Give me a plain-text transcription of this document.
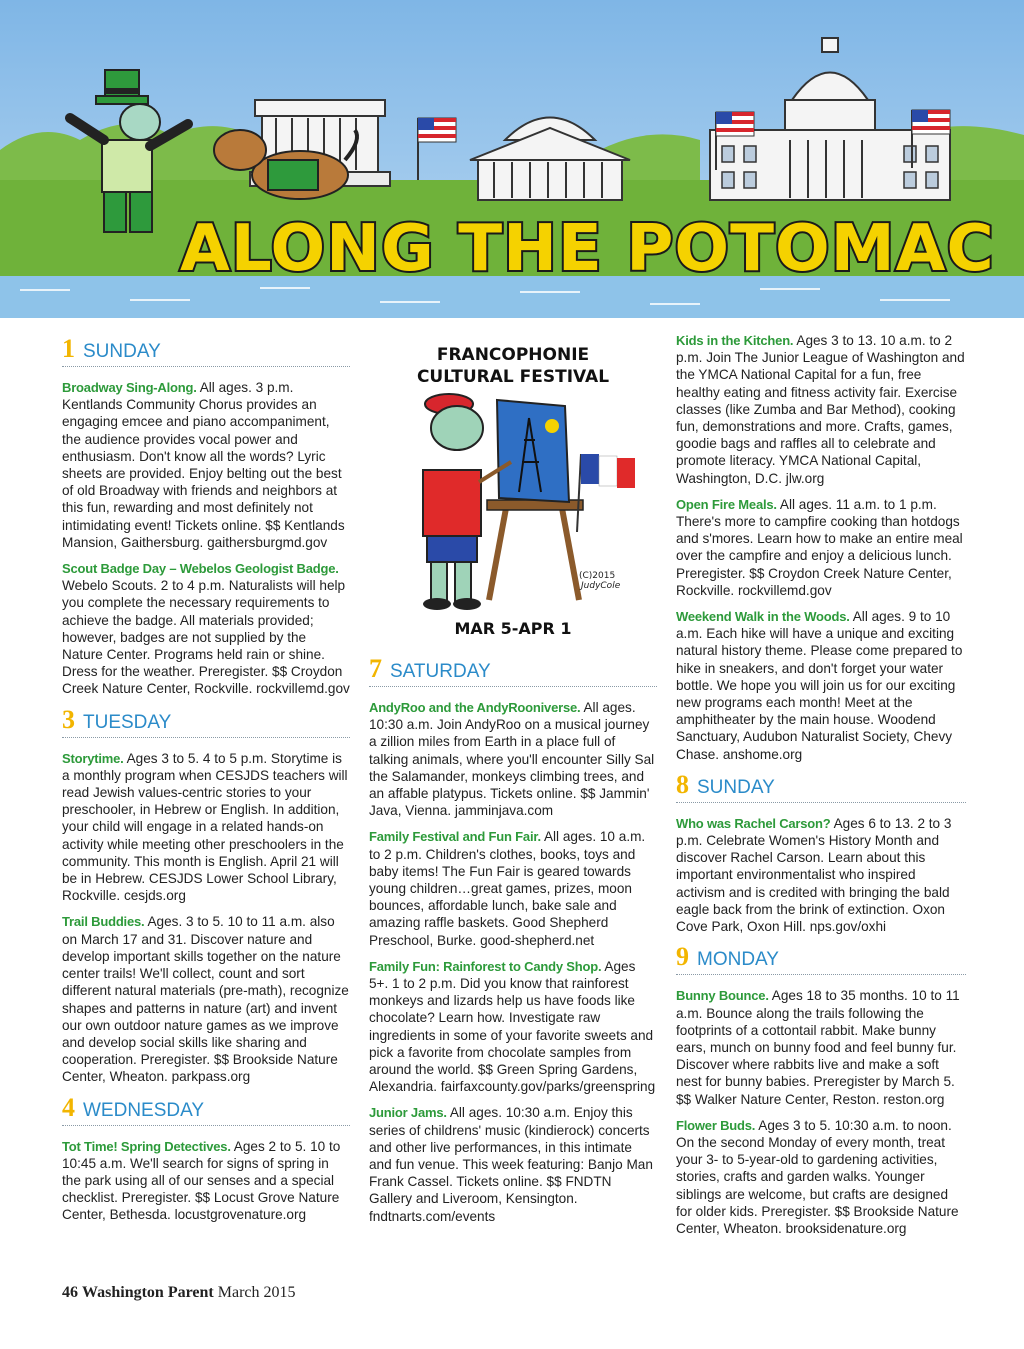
ALONG THE POTOMAC
1 SUNDAY

Broadway Sing-Along. All ages. 3 p.m. Kentlands Community Chorus provides an engaging emcee and piano accompaniment, the audience provides vocal power and enthusiasm. Don't know all the words? Lyric sheets are provided. Enjoy belting out the best of old Broadway with friends and neighbors at this fun, rewarding and most definitely not intimidating event! Tickets online. $$ Kentlands Mansion, Gaithersburg. gaithersburgmd.gov

Scout Badge Day – Webelos Geologist Badge. Webelo Scouts. 2 to 4 p.m. Naturalists will help you complete the necessary requirements to achieve the badge. All materials provided; however, badges are not supplied by the Nature Center. Programs held rain or shine. Dress for the weather. Preregister. $$ Croydon Creek Nature Center, Rockville. rockvillemd.gov

3 TUESDAY

Storytime. Ages 3 to 5. 4 to 5 p.m. Storytime is a monthly program when CESJDS teachers will read Jewish values-centric stories to your preschooler, in Hebrew or English. In addition, your child will engage in a related hands-on activity while meeting other preschoolers in the community. This month is English. April 21 will be in Hebrew. CESJDS Lower School Library, Rockville. cesjds.org

Trail Buddies. Ages. 3 to 5. 10 to 11 a.m. also on March 17 and 31. Discover nature and develop important skills together on the nature center trails! We'll collect, count and sort different natural materials (pre-math), recognize shapes and patterns in nature (art) and invent our own outdoor nature games as we improve and develop social skills like sharing and cooperation. Preregister. $$ Brookside Nature Center, Wheaton. parkpass.org

4 WEDNESDAY

Tot Time! Spring Detectives. Ages 2 to 5. 10 to 10:45 a.m. We'll search for signs of spring in the park using all of our senses and a special checklist. Preregister. $$ Locust Grove Nature Center, Bethesda. locustgrovenature.org

FRANCOPHONIE
CULTURAL FESTIVAL
(C)2015
JudyCole
MAR 5-APR 1
7 SATURDAY

AndyRoo and the AndyRooniverse. All ages. 10:30 a.m. Join AndyRoo on a musical journey a zillion miles from Earth in a place full of talking animals, where you'll encounter Silly Sal the Salamander, monkeys climbing trees, and an affable platypus. Tickets online. $$ Jammin' Java, Vienna. jamminjava.com

Family Festival and Fun Fair. All ages. 10 a.m. to 2 p.m. Children's clothes, books, toys and baby items! The Fun Fair is geared towards young children…great games, prizes, moon bounces, affordable lunch, bake sale and amazing raffle baskets. Good Shepherd Preschool, Burke. good-shepherd.net

Family Fun: Rainforest to Candy Shop. Ages 5+. 1 to 2 p.m. Did you know that rainforest monkeys and lizards help us have foods like chocolate? Learn how. Investigate raw ingredients in some of your favorite sweets and pick a favorite from chocolate samples from around the world. $$ Green Spring Gardens, Alexandria. fairfaxcounty.gov/parks/greenspring

Junior Jams. All ages. 10:30 a.m. Enjoy this series of childrens' music (kindierock) concerts and other live performances, in this intimate and fun venue. This week featuring: Banjo Man Frank Cassel. Tickets online. $$ FNDTN Gallery and Liveroom, Kensington. fndtnarts.com/events

Kids in the Kitchen. Ages 3 to 13. 10 a.m. to 2 p.m. Join The Junior League of Washington and the YMCA National Capital for a fun, free healthy eating and fitness activity fair. Exercise classes (like Zumba and Bar Method), cooking fun, demonstrations and more. Crafts, games, goodie bags and raffles all to celebrate and promote literacy. YMCA National Capital, Washington, D.C. jlw.org

Open Fire Meals. All ages. 11 a.m. to 1 p.m. There's more to campfire cooking than hotdogs and s'mores. Learn how to make an entire meal over the campfire and enjoy a delicious lunch. Preregister. $$ Croydon Creek Nature Center, Rockville. rockvillemd.gov

Weekend Walk in the Woods. All ages. 9 to 10 a.m. Each hike will have a unique and exciting natural history theme. Please come prepared to hike in sneakers, and don't forget your water bottle. We hope you will join us for our exciting new programs each month! Meet at the amphitheater by the main house. Woodend Sanctuary, Audubon Naturalist Society, Chevy Chase. anshome.org

8 SUNDAY

Who was Rachel Carson? Ages 6 to 13. 2 to 3 p.m. Celebrate Women's History Month and discover Rachel Carson. Learn about this important environmentalist who inspired activism and is credited with bringing the bald eagle back from the brink of extinction. Oxon Cove Park, Oxon Hill. nps.gov/oxhi

9 MONDAY

Bunny Bounce. Ages 18 to 35 months. 10 to 11 a.m. Bounce along the trails following the footprints of a cottontail rabbit. Make bunny ears, munch on bunny food and feel bunny fur. Discover where rabbits live and make a soft nest for bunny babies. Preregister by March 5. $$ Walker Nature Center, Reston. reston.org

Flower Buds. Ages 3 to 5. 10:30 a.m. to noon. On the second Monday of every month, treat your 3- to 5-year-old to gardening activities, stories, crafts and garden walks. Younger siblings are welcome, but crafts are designed for older kids. Preregister. $$ Brookside Nature Center, Wheaton. brooksidenature.org

46 Washington Parent March 2015
